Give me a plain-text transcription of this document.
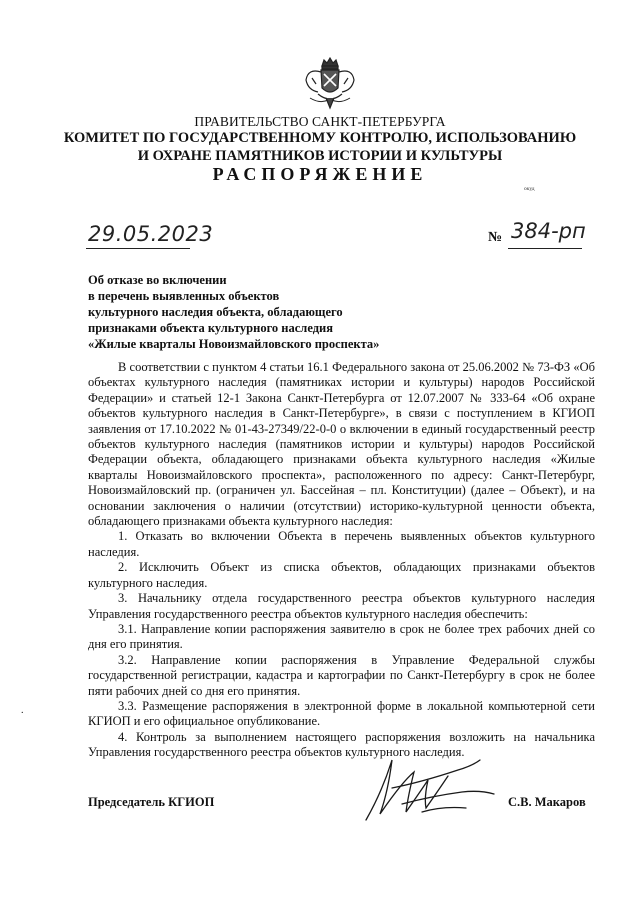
ПРАВИТЕЛЬСТВО САНКТ-ПЕТЕРБУРГА
КОМИТЕТ ПО ГОСУДАРСТВЕННОМУ КОНТРОЛЮ, ИСПОЛЬЗОВАНИЮ
И ОХРАНЕ ПАМЯТНИКОВ ИСТОРИИ И КУЛЬТУРЫ
РАСПОРЯЖЕНИЕ
окуд
29.05.2023	№ 384-рп
Об отказе во включении
в перечень выявленных объектов
культурного наследия объекта, обладающего
признаками объекта культурного наследия
«Жилые кварталы Новоизмайловского проспекта»

В соответствии с пунктом 4 статьи 16.1 Федерального закона от 25.06.2002 № 73-ФЗ «Об объектах культурного наследия (памятниках истории и культуры) народов Российской Федерации» и статьей 12-1 Закона Санкт-Петербурга от 12.07.2007 № 333-64 «Об охране объектов культурного наследия в Санкт-Петербурге», в связи с поступлением в КГИОП заявления от 17.10.2022 № 01-43-27349/22-0-0 о включении в единый государственный реестр объектов культурного наследия (памятников истории и культуры) народов Российской Федерации объекта, обладающего признаками объекта культурного наследия «Жилые кварталы Новоизмайловского проспекта», расположенного по адресу: Санкт-Петербург, Новоизмайловский пр. (ограничен ул. Бассейная – пл. Конституции) (далее – Объект), и на основании заключения о наличии (отсутствии) историко-культурной ценности объекта, обладающего признаками объекта культурного наследия:

1. Отказать во включении Объекта в перечень выявленных объектов культурного наследия.

2. Исключить Объект из списка объектов, обладающих признаками объектов культурного наследия.

3. Начальнику отдела государственного реестра объектов культурного наследия Управления государственного реестра объектов культурного наследия обеспечить:

3.1. Направление копии распоряжения заявителю в срок не более трех рабочих дней со дня его принятия.

3.2. Направление копии распоряжения в Управление Федеральной службы государственной регистрации, кадастра и картографии по Санкт-Петербургу в срок не более пяти рабочих дней со дня его принятия.

3.3. Размещение распоряжения в электронной форме в локальной компьютерной сети КГИОП и его официальное опубликование.

4. Контроль за выполнением настоящего распоряжения возложить на начальника Управления государственного реестра объектов культурного наследия.

.
Председатель КГИОП	С.В. Макаров
